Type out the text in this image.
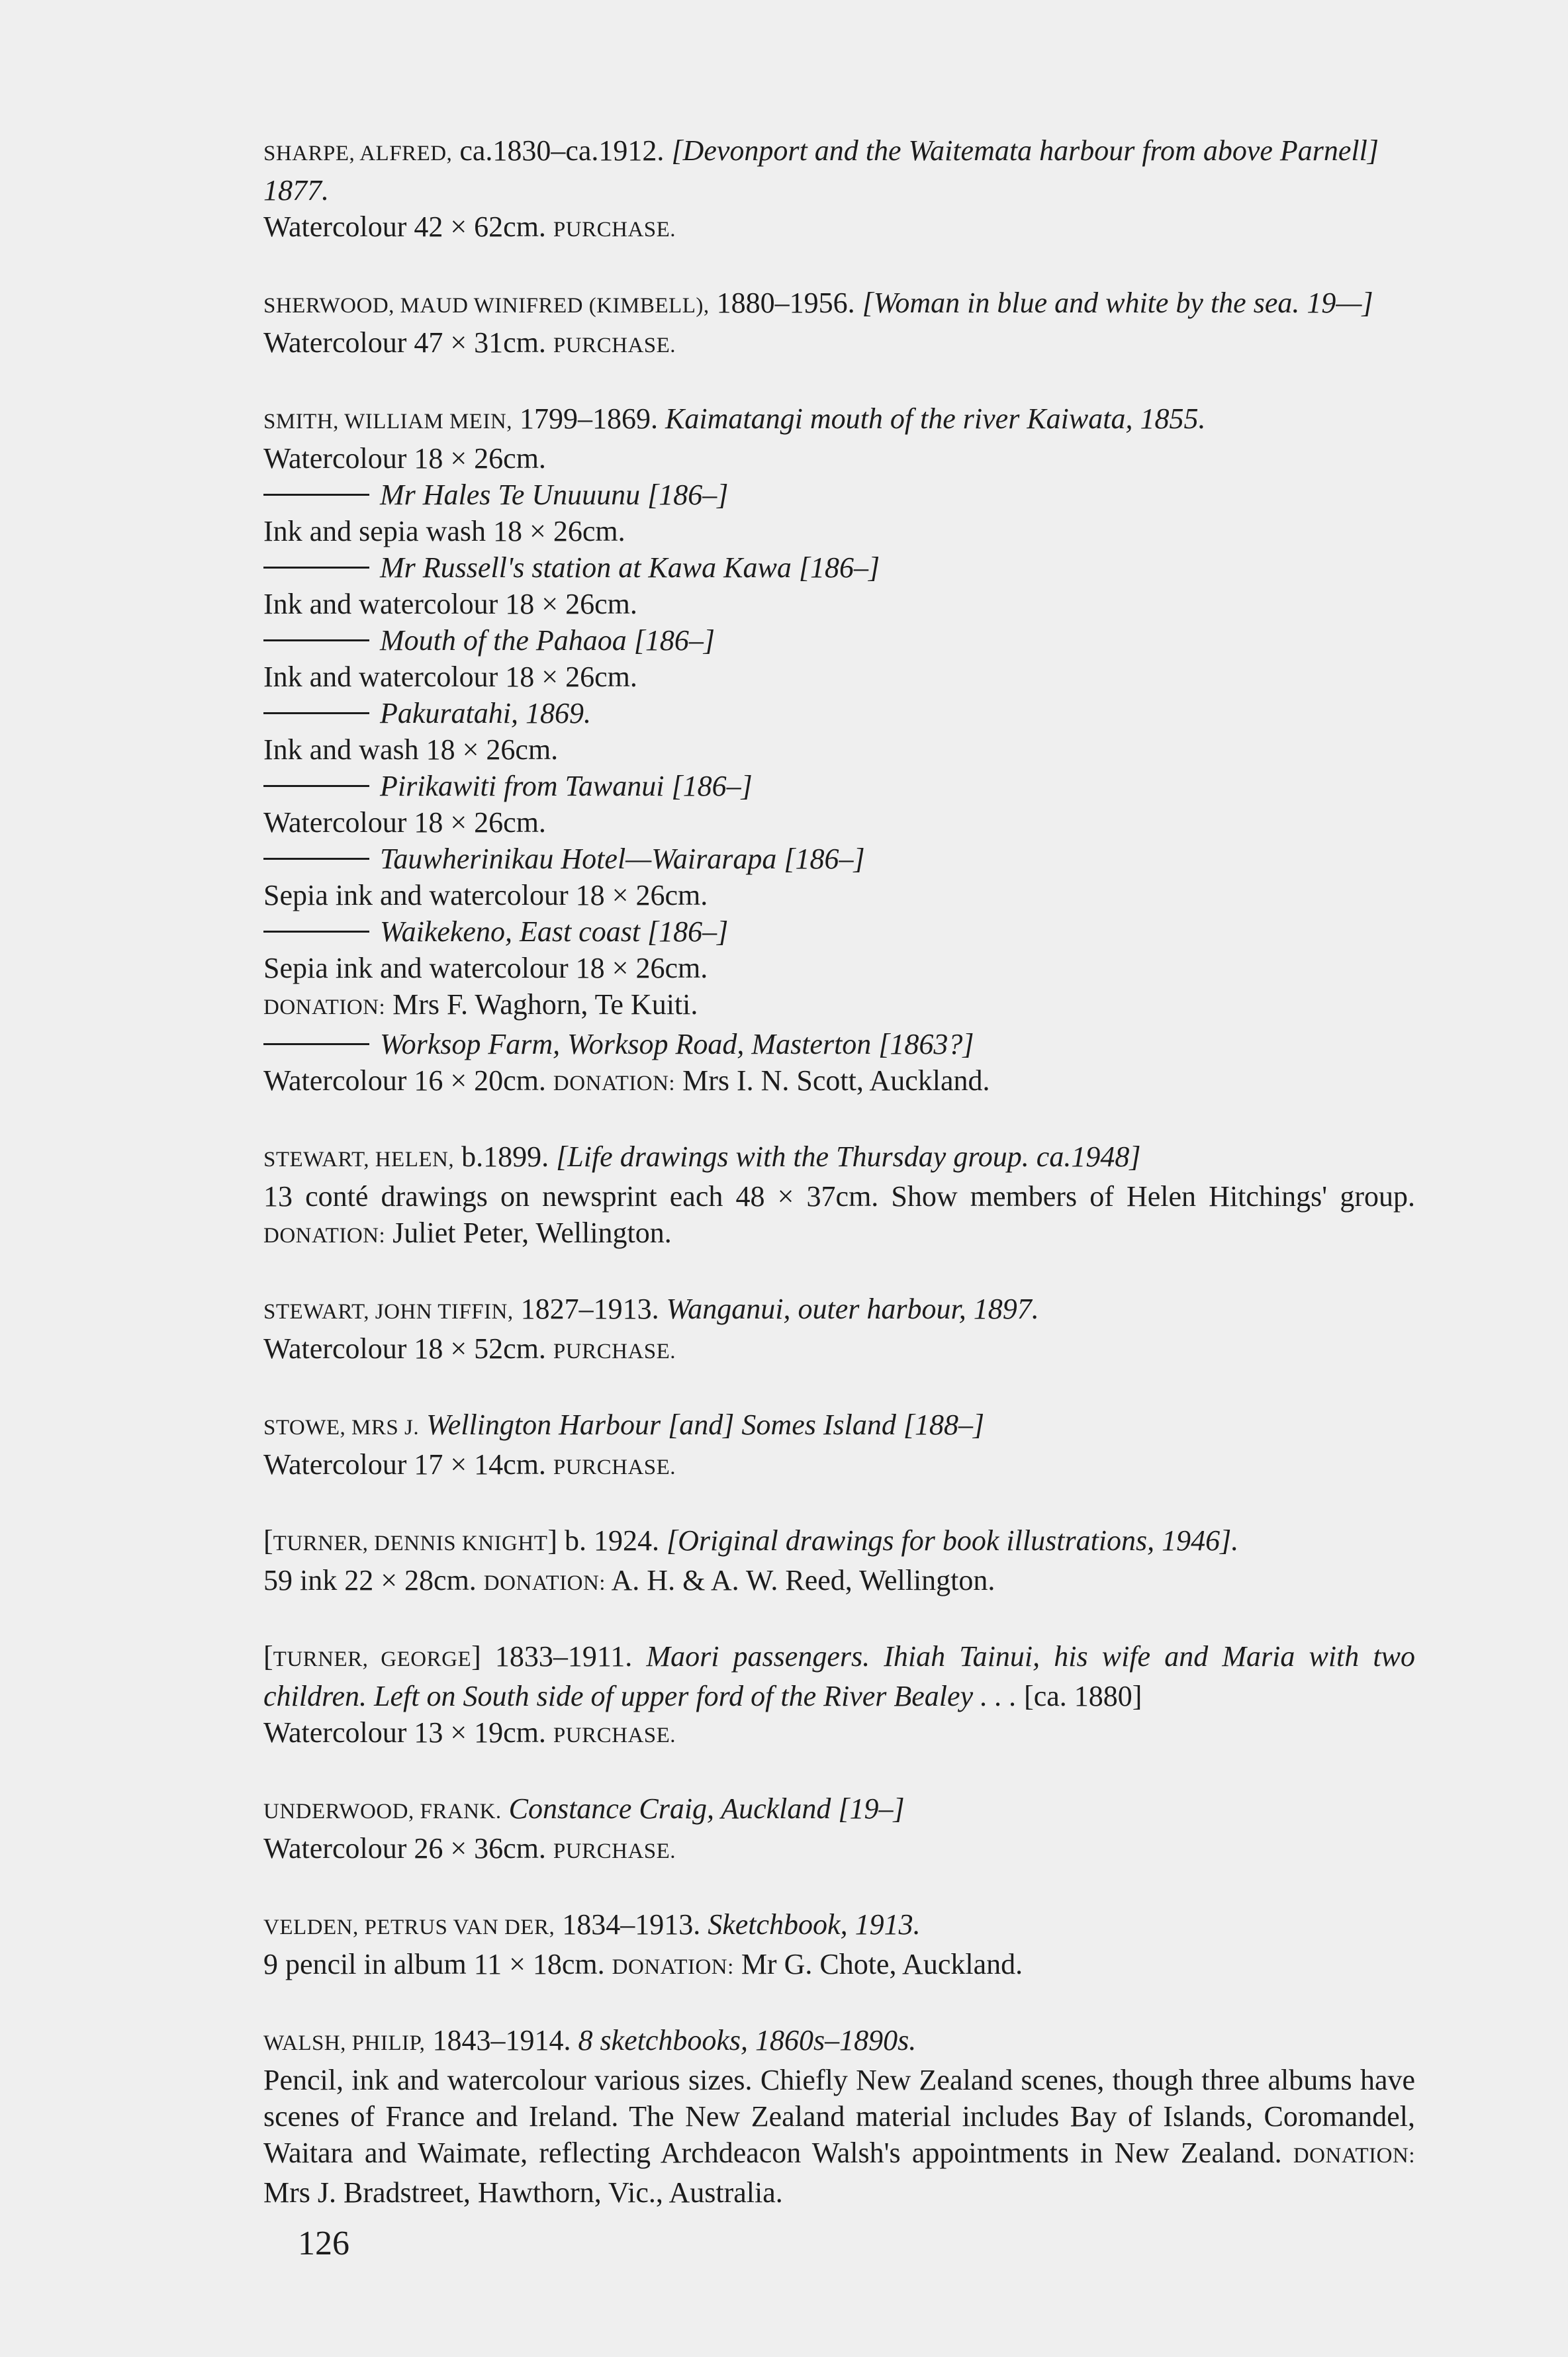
SHARPE, ALFRED, ca.1830–ca.1912. [Devonport and the Waitemata harbour from above Parnell] 1877.
Watercolour 42 × 62cm. PURCHASE.
SHERWOOD, MAUD WINIFRED (KIMBELL), 1880–1956. [Woman in blue and white by the sea. 19—]
Watercolour 47 × 31cm. PURCHASE.
SMITH, WILLIAM MEIN, 1799–1869. Kaimatangi mouth of the river Kaiwata, 1855.
Watercolour 18 × 26cm.
Mr Hales Te Unuuunu [186–]
Ink and sepia wash 18 × 26cm.
Mr Russell's station at Kawa Kawa [186–]
Ink and watercolour 18 × 26cm.
Mouth of the Pahaoa [186–]
Ink and watercolour 18 × 26cm.
Pakuratahi, 1869.
Ink and wash 18 × 26cm.
Pirikawiti from Tawanui [186–]
Watercolour 18 × 26cm.
Tauwherinikau Hotel—Wairarapa [186–]
Sepia ink and watercolour 18 × 26cm.
Waikekeno, East coast [186–]
Sepia ink and watercolour 18 × 26cm.
DONATION: Mrs F. Waghorn, Te Kuiti.
Worksop Farm, Worksop Road, Masterton [1863?]
Watercolour 16 × 20cm. DONATION: Mrs I. N. Scott, Auckland.
STEWART, HELEN, b.1899. [Life drawings with the Thursday group. ca.1948]
13 conté drawings on newsprint each 48 × 37cm. Show members of Helen Hitchings' group. DONATION: Juliet Peter, Wellington.
STEWART, JOHN TIFFIN, 1827–1913. Wanganui, outer harbour, 1897.
Watercolour 18 × 52cm. PURCHASE.
STOWE, MRS J. Wellington Harbour [and] Somes Island [188–]
Watercolour 17 × 14cm. PURCHASE.
[TURNER, DENNIS KNIGHT] b. 1924. [Original drawings for book illustrations, 1946].
59 ink 22 × 28cm. DONATION: A. H. & A. W. Reed, Wellington.
[TURNER, GEORGE] 1833–1911. Maori passengers. Ihiah Tainui, his wife and Maria with two children. Left on South side of upper ford of the River Bealey . . . [ca. 1880]
Watercolour 13 × 19cm. PURCHASE.
UNDERWOOD, FRANK. Constance Craig, Auckland [19–]
Watercolour 26 × 36cm. PURCHASE.
VELDEN, PETRUS VAN DER, 1834–1913. Sketchbook, 1913.
9 pencil in album 11 × 18cm. DONATION: Mr G. Chote, Auckland.
WALSH, PHILIP, 1843–1914. 8 sketchbooks, 1860s–1890s.
Pencil, ink and watercolour various sizes. Chiefly New Zealand scenes, though three albums have scenes of France and Ireland. The New Zealand material includes Bay of Islands, Coromandel, Waitara and Waimate, reflecting Archdeacon Walsh's appointments in New Zealand. DONATION: Mrs J. Bradstreet, Hawthorn, Vic., Australia.
126
